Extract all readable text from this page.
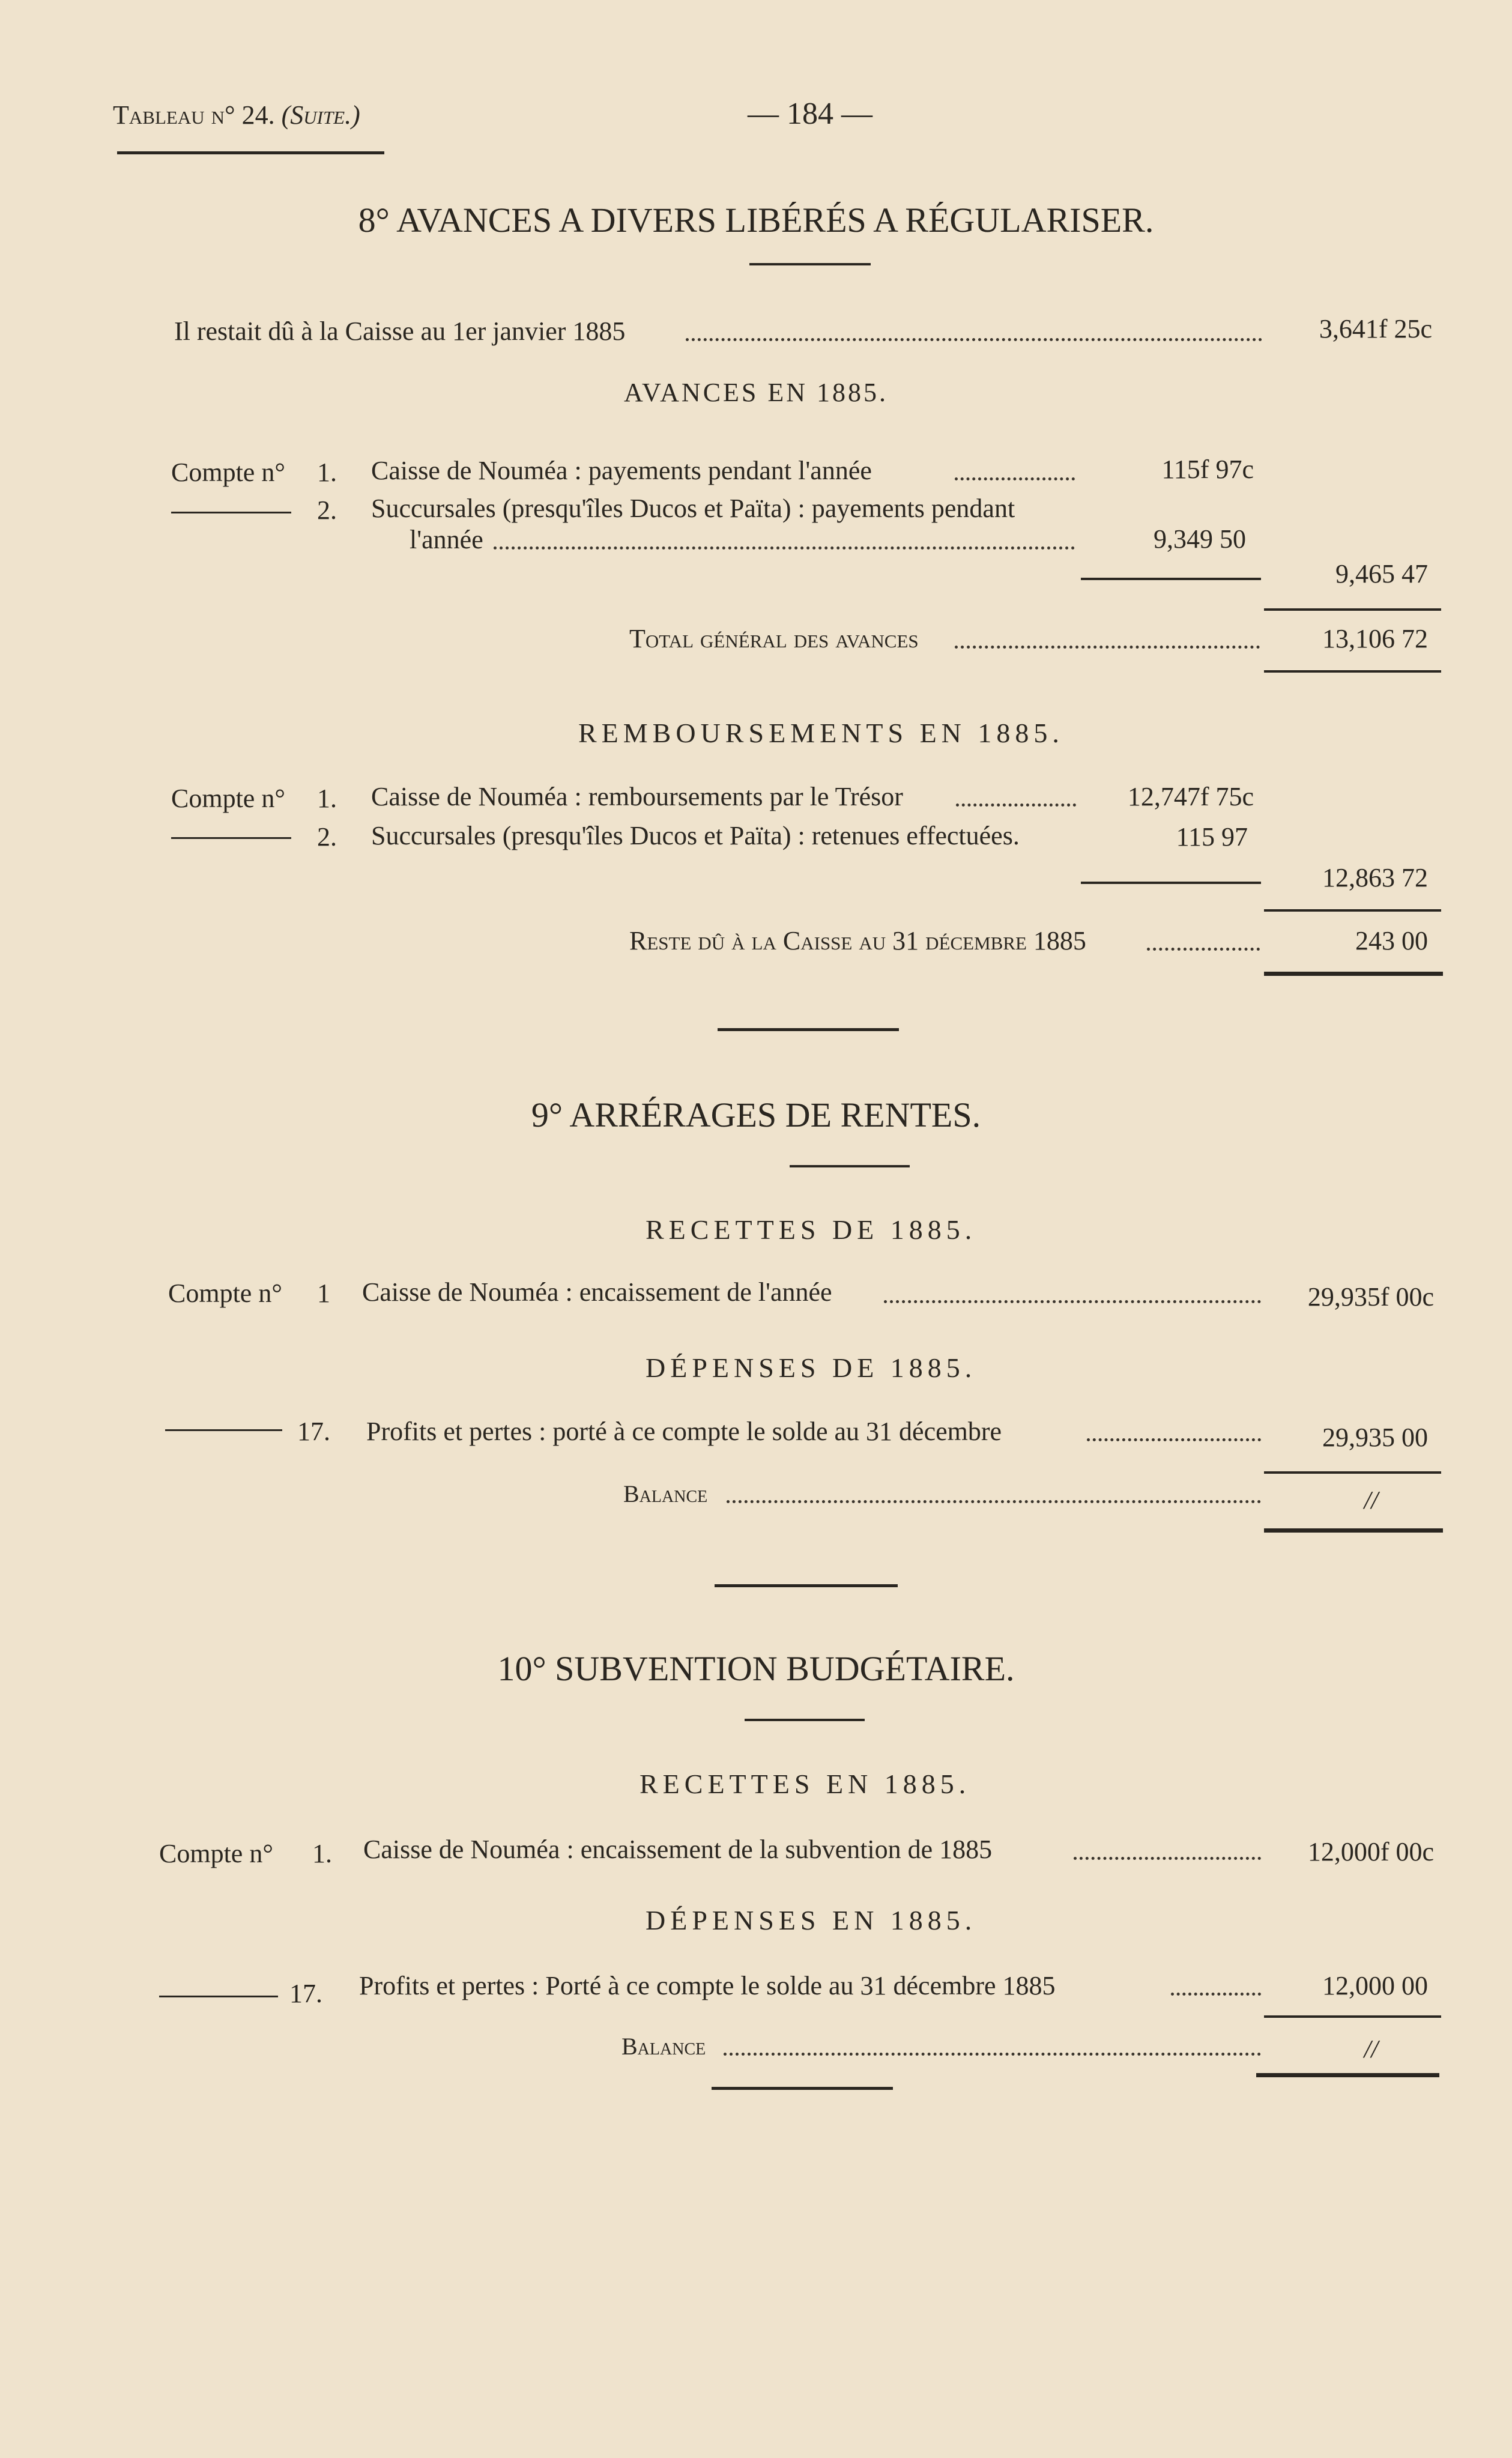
Tableau n° 24. (Suite.)	— 184 —
8° AVANCES A DIVERS LIBÉRÉS A RÉGULARISER.
Il restait dû à la Caisse au 1er janvier 1885	3,641f 25c
AVANCES EN 1885.
Compte n° 1. Caisse de Nouméa : payements pendant l'année	115f 97c
2. Succursales (presqu'îles Ducos et Païta) : payements pendant
l'année	9,349 50
9,465 47
Total général des avances	13,106 72
REMBOURSEMENTS EN 1885.
Compte n° 1. Caisse de Nouméa : remboursements par le Trésor	12,747f 75c
2. Succursales (presqu'îles Ducos et Païta) : retenues effectuées.	115 97
12,863 72
Reste dû à la Caisse au 31 décembre 1885	243 00
9° ARRÉRAGES DE RENTES.
RECETTES DE 1885.
Compte n° 1 Caisse de Nouméa : encaissement de l'année	29,935f 00c
DÉPENSES DE 1885.
17. Profits et pertes : porté à ce compte le solde au 31 décembre	29,935 00
Balance	//
10° SUBVENTION BUDGÉTAIRE.
RECETTES EN 1885.
Compte n° 1. Caisse de Nouméa : encaissement de la subvention de 1885	12,000f 00c
DÉPENSES EN 1885.
17. Profits et pertes : Porté à ce compte le solde au 31 décembre 1885	12,000 00
Balance	//
